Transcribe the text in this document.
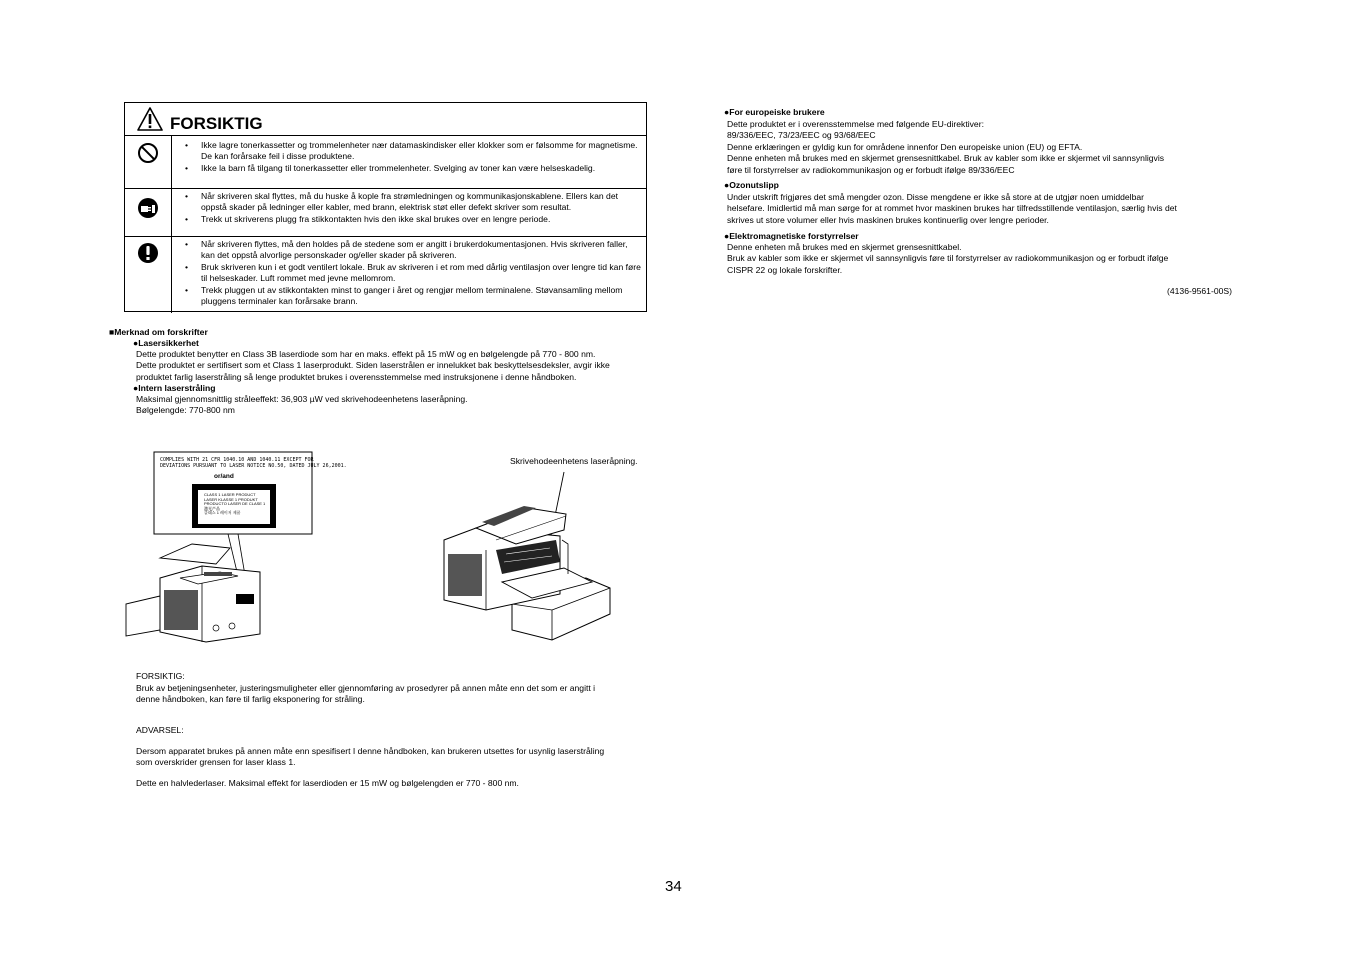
FORSIKTIG
• Ikke lagre tonerkassetter og trommelenheter nær datamaskindisker eller klokker som er følsomme for magnetisme. De kan forårsake feil i disse produktene.
• Ikke la barn få tilgang til tonerkassetter eller trommelenheter. Svelging av toner kan være helseskadelig.
• Når skriveren skal flyttes, må du huske å kople fra strømledningen og kommunikasjonskablene. Ellers kan det oppstå skader på ledninger eller kabler, med brann, elektrisk støt eller defekt skriver som resultat.
• Trekk ut skriverens plugg fra stikkontakten hvis den ikke skal brukes over en lengre periode.
• Når skriveren flyttes, må den holdes på de stedene som er angitt i brukerdokumentasjonen. Hvis skriveren faller, kan det oppstå alvorlige personskader og/eller skader på skriveren.
• Bruk skriveren kun i et godt ventilert lokale. Bruk av skriveren i et rom med dårlig ventilasjon over lengre tid kan føre til helseskader. Luft rommet med jevne mellomrom.
• Trekk pluggen ut av stikkontakten minst to ganger i året og rengjør mellom terminalene. Støvansamling mellom pluggens terminaler kan forårsake brann.
■Merknad om forskrifter
●Lasersikkerhet
Dette produktet benytter en Class 3B laserdiode som har en maks. effekt på 15 mW og en bølgelengde på 770 - 800 nm.
Dette produktet er sertifisert som et Class 1 laserprodukt. Siden laserstrålen er innelukket bak beskyttelsesdeksler, avgir ikke
produktet farlig laserstråling så lenge produktet brukes i overensstemmelse med instruksjonene i denne håndboken.
●Intern laserstråling
Maksimal gjennomsnittlig stråleeffekt: 36,903 µW ved skrivehodeenhetens laseråpning.
Bølgelengde: 770-800 nm
COMPLIES WITH 21 CFR 1040.10 AND 1040.11 EXCEPT FOR
DEVIATIONS PURSUANT TO LASER NOTICE NO.50, DATED JULY 26,2001.
or/and
CLASS 1 LASER PRODUCT
LASER KLASSE 1 PRODUKT
PRODUCTO LASER DE CLASE 1
激光产品
클래스 1 레이저 제품
Skrivehodeenhetens laseråpning.
FORSIKTIG:
Bruk av betjeningsenheter, justeringsmuligheter eller gjennomføring av prosedyrer på annen måte enn det som er angitt i
denne håndboken, kan føre til farlig eksponering for stråling.
ADVARSEL:
Dersom apparatet brukes på annen måte enn spesifisert I denne håndboken, kan brukeren utsettes for usynlig laserstråling
som overskrider grensen for laser klass 1.
Dette en halvlederlaser. Maksimal effekt for laserdioden er 15 mW og bølgelengden er 770 - 800 nm.
●For europeiske brukere
Dette produktet er i overensstemmelse med følgende EU-direktiver:
89/336/EEC, 73/23/EEC og 93/68/EEC
Denne erklæringen er gyldig kun for områdene innenfor Den europeiske union (EU) og EFTA.
Denne enheten må brukes med en skjermet grensesnittkabel. Bruk av kabler som ikke er skjermet vil sannsynligvis
føre til forstyrrelser av radiokommunikasjon og er forbudt ifølge 89/336/EEC
●Ozonutslipp
Under utskrift frigjøres det små mengder ozon. Disse mengdene er ikke så store at de utgjør noen umiddelbar
helsefare. Imidlertid må man sørge for at rommet hvor maskinen brukes har tilfredsstillende ventilasjon, særlig hvis det
skrives ut store volumer eller hvis maskinen brukes kontinuerlig over lengre perioder.
●Elektromagnetiske forstyrrelser
Denne enheten må brukes med en skjermet grensesnittkabel.
Bruk av kabler som ikke er skjermet vil sannsynligvis føre til forstyrrelser av radiokommunikasjon og er forbudt ifølge
CISPR 22 og lokale forskrifter.
(4136-9561-00S)
34
